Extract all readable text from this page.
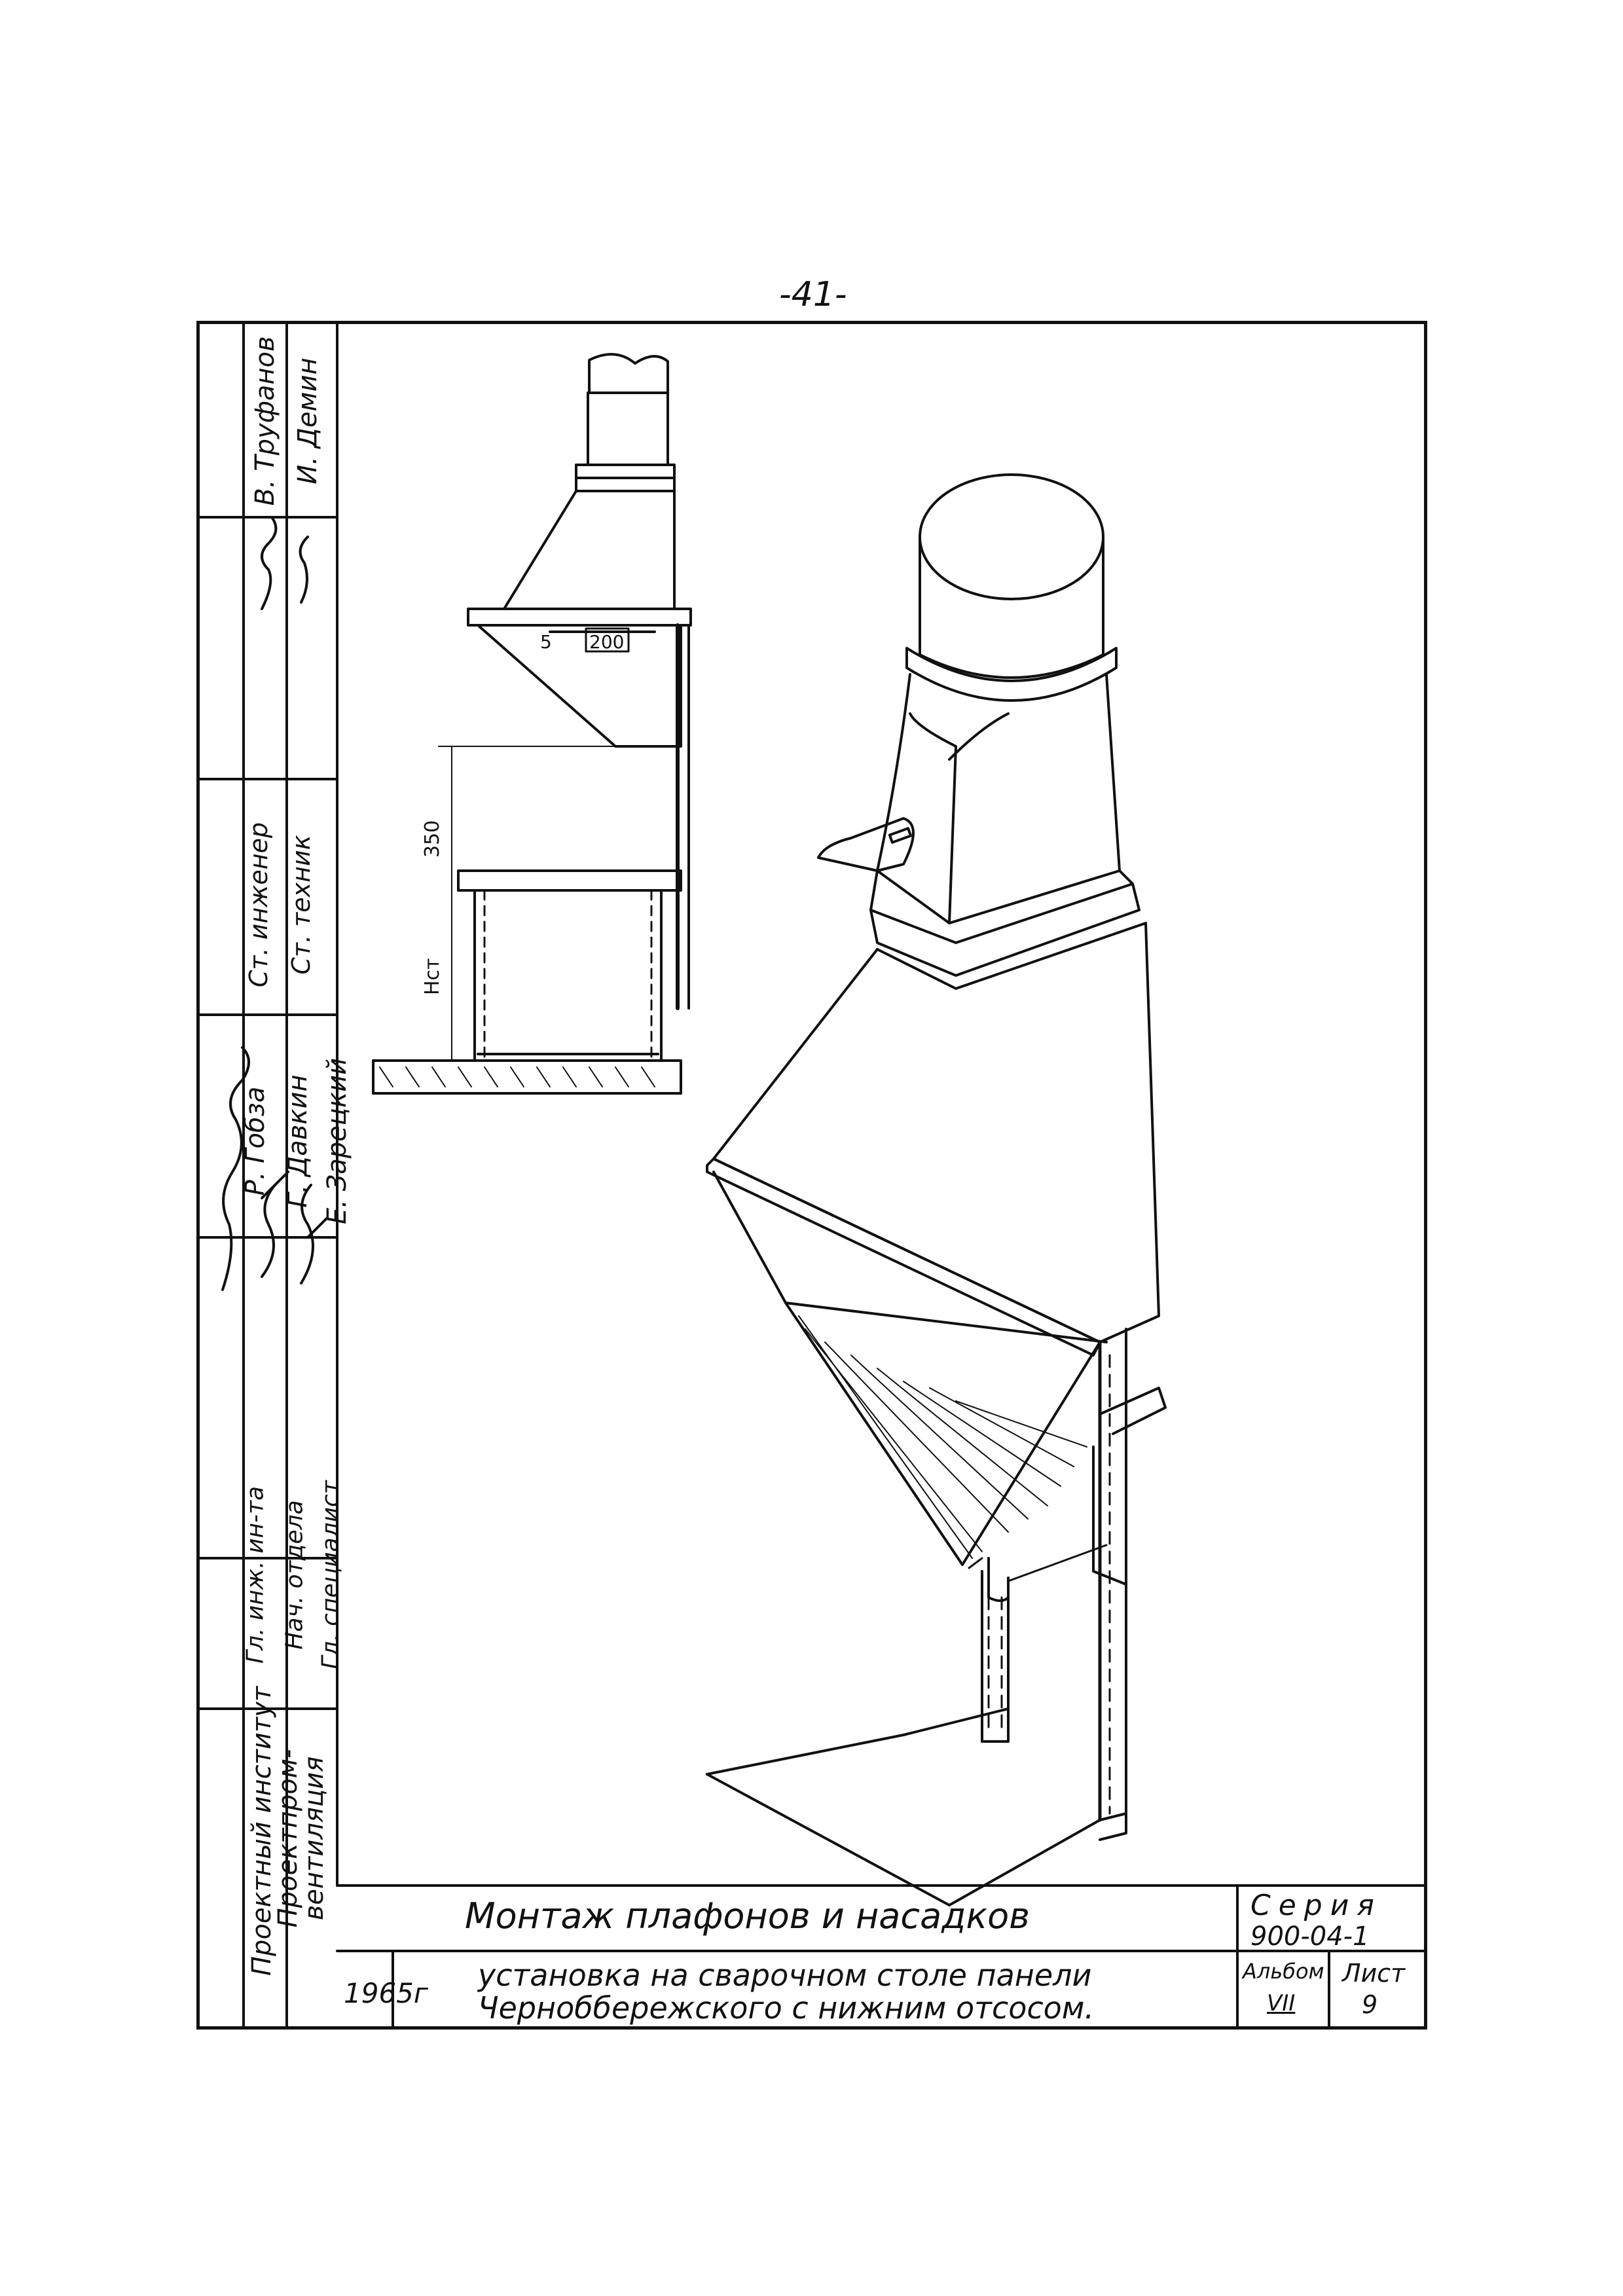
-41-
5 200
350
Нст
Проектный институт
Проектпром-
вентиляция
Гл. инж. ин-та Нач. отдела Гл. специалист
Р. Гобза Г. Давкин Е. Зарецкий
Ст. инженер Ст. техник
В. Труфанов И. Демин
Монтаж плафонов и насадков
1965г
установка на сварочном столе панели
Черноббережского с нижним отсосом.
Серия
900-04-1
Альбом
VII
Лист
9
